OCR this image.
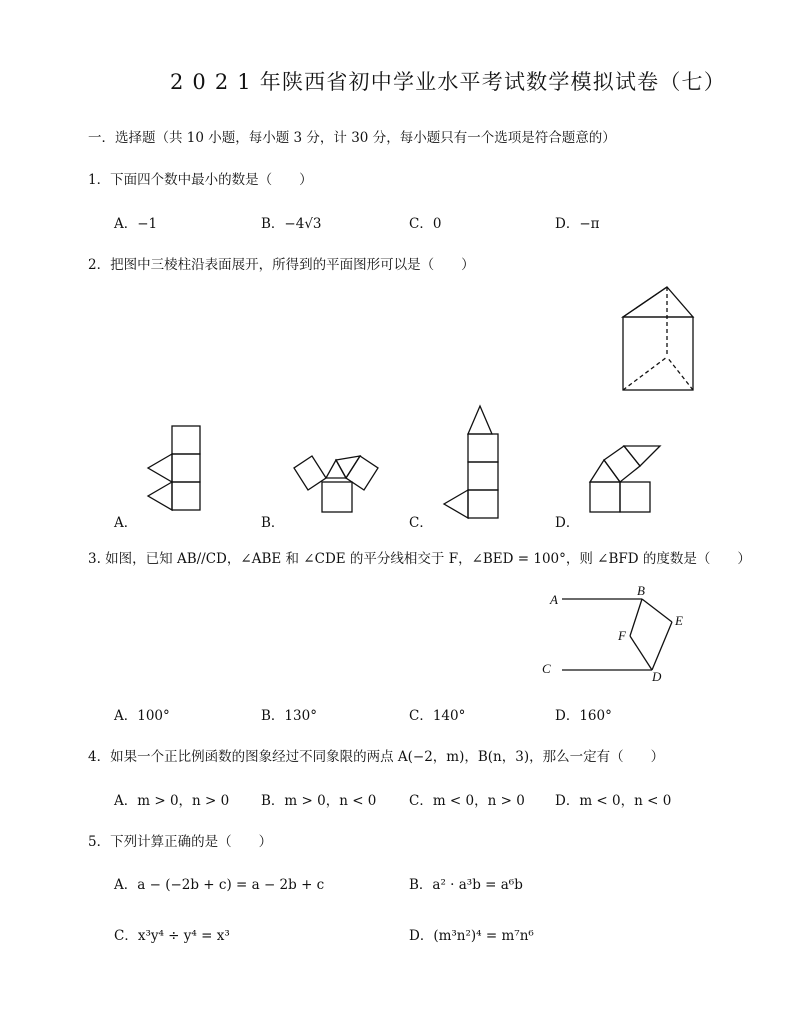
2 0 2 1 年陕西省初中学业水平考试数学模拟试卷（七）
一．选择题（共 10 小题，每小题 3 分，计 30 分，每小题只有一个选项是符合题意的）
1．下面四个数中最小的数是（　　）
A．−1	B．−4√3	C．0	D．−π
2．把图中三棱柱沿表面展开，所得到的平面图形可以是（　　）
A．	B．	C．	D．
3. 如图，已知 AB//CD，∠ABE 和 ∠CDE 的平分线相交于 F，∠BED = 100°，则 ∠BFD 的度数是（　　）
A
B
E
F
C
D
A．100°	B．130°	C．140°	D．160°
4．如果一个正比例函数的图象经过不同象限的两点 A(−2，m)，B(n，3)，那么一定有（　　）
A．m > 0，n > 0 B．m > 0，n < 0 C．m < 0，n > 0 D．m < 0，n < 0
5．下列计算正确的是（　　）
A．a − (−2b + c) = a − 2b + c	B．a² · a³b = a⁶b
C．x³y⁴ ÷ y⁴ = x³	D．(m³n²)⁴ = m⁷n⁶
